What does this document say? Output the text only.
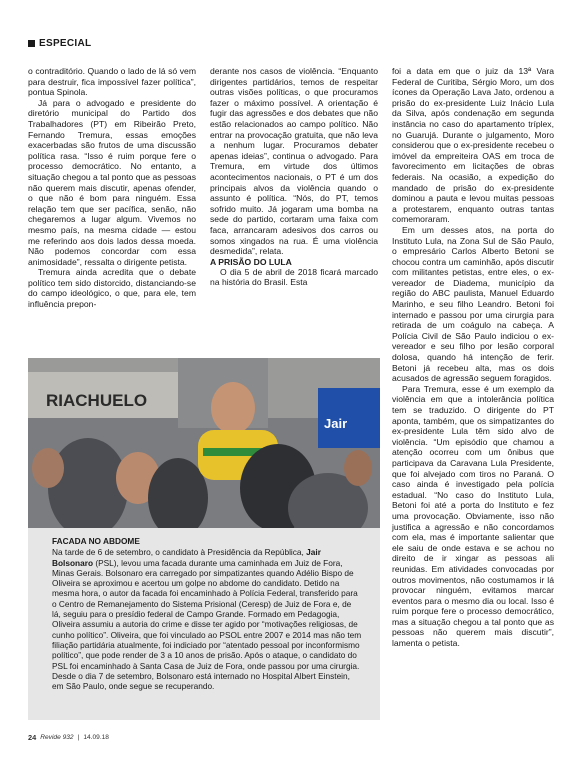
ESPECIAL

o contraditório. Quando o lado de lá só vem para destruir, fica impossível fazer política”, pontua Spinola.

Já para o advogado e presidente do diretório municipal do Partido dos Trabalhadores (PT) em Ribeirão Preto, Fernando Tremura, essas emoções exacerbadas são frutos de uma discussão política rasa. “Isso é ruim porque fere o processo democrático. No entanto, a situação chegou a tal ponto que as pessoas não querem mais discutir, apenas ofender, o que não é bom para ninguém. Essa relação tem que ser pacífica, senão, não chegaremos a lugar algum. Vivemos no mesmo país, na mesma cidade — estou me referindo aos dois lados dessa moeda. Não podemos concordar com essa animosidade”, ressalta o dirigente petista.

Tremura ainda acredita que o debate político tem sido distorcido, distanciando-se do campo ideológico, o que, para ele, tem influência prepon-

derante nos casos de violência. “Enquanto dirigentes partidários, temos de respeitar outras visões políticas, o que procuramos fazer o máximo possível. A orientação é fugir das agressões e dos debates que não estão relacionados ao campo político. Não entrar na provocação gratuita, que não leva a nenhum lugar. Procuramos debater apenas ideias”, continua o advogado. Para Tremura, em virtude dos últimos acontecimentos nacionais, o PT é um dos principais alvos da violência quando o assunto é política. “Nós, do PT, temos sofrido muito. Já jogaram uma bomba na sede do partido, cortaram uma faixa com faca, arrancaram adesivos dos carros ou somos xingados na rua. É uma violência desmedida”, relata.

A PRISÃO DO LULA

O dia 5 de abril de 2018 ficará marcado na história do Brasil. Esta

foi a data em que o juiz da 13ª Vara Federal de Curitiba, Sérgio Moro, um dos ícones da Operação Lava Jato, ordenou a prisão do ex-presidente Luiz Inácio Lula da Silva, após condenação em segunda instância no caso do apartamento tríplex, no Guarujá. Durante o julgamento, Moro considerou que o ex-presidente recebeu o imóvel da empreiteira OAS em troca de favorecimento em licitações de obras federais. Na ocasião, a expedição do mandado de prisão do ex-presidente dominou a pauta e levou muitas pessoas a protestarem, enquanto outras tantas comemoraram.

Em um desses atos, na porta do Instituto Lula, na Zona Sul de São Paulo, o empresário Carlos Alberto Betoni se chocou contra um caminhão, após discutir com militantes petistas, entre eles, o ex-vereador de Diadema, município da região do ABC paulista, Manuel Eduardo Marinho, e seu filho Leandro. Betoni foi internado e passou por uma cirurgia para retirada de um coágulo na cabeça. A Polícia Civil de São Paulo indiciou o ex-vereador e seu filho por lesão corporal dolosa, quando há intenção de ferir. Betoni já recebeu alta, mas os dois acusados de agressão seguem foragidos.

Para Tremura, esse é um exemplo da violência em que a intolerância política tem se traduzido. O dirigente do PT aponta, também, que os simpatizantes do ex-presidente Lula têm sido alvo de violência. “Um episódio que chamou a atenção ocorreu com um ônibus que participava da Caravana Lula Presidente, que foi alvejado com tiros no Paraná. O caso ainda é investigado pela polícia estadual. “No caso do Instituto Lula, Betoni foi até a porta do Instituto e fez uma provocação. Obviamente, isso não justifica a agressão e não concordamos com ela, mas é importante salientar que ele saiu de onde estava e se achou no direito de ir xingar as pessoas ali reunidas. Em atividades convocadas por outros movimentos, não costumamos ir lá provocar ninguém, evitamos marcar eventos para o mesmo dia ou local. Isso é ruim porque fere o processo democrático, mas a situação chegou a tal ponto que as pessoas não querem mais discutir”, lamenta o petista.

RIACHUELO
Jair
FACADA NO ABDOME
Na tarde de 6 de setembro, o candidato à Presidência da República, Jair Bolsonaro (PSL), levou uma facada durante uma caminhada em Juiz de Fora, Minas Gerais. Bolsonaro era carregado por simpatizantes quando Adélio Bispo de Oliveira se aproximou e acertou um golpe no abdome do candidato. Detido na mesma hora, o autor da facada foi encaminhado à Polícia Federal, transferido para o Centro de Remanejamento do Sistema Prisional (Ceresp) de Juiz de Fora e, de lá, seguiu para o presídio federal de Campo Grande. Formado em Pedagogia, Oliveira assumiu a autoria do crime e disse ter agido por “motivações religiosas, de cunho político”. Oliveira, que foi vinculado ao PSOL entre 2007 e 2014 mas não tem filiação partidária atualmente, foi indiciado por “atentado pessoal por inconformismo político”, que pode render de 3 a 10 anos de prisão. Após o ataque, o candidato do PSL foi encaminhado à Santa Casa de Juiz de Fora, onde passou por uma cirurgia. Desde o dia 7 de setembro, Bolsonaro está internado no Hospital Albert Einstein, em São Paulo, onde segue se recuperando.
24 Revide 932 | 14.09.18
